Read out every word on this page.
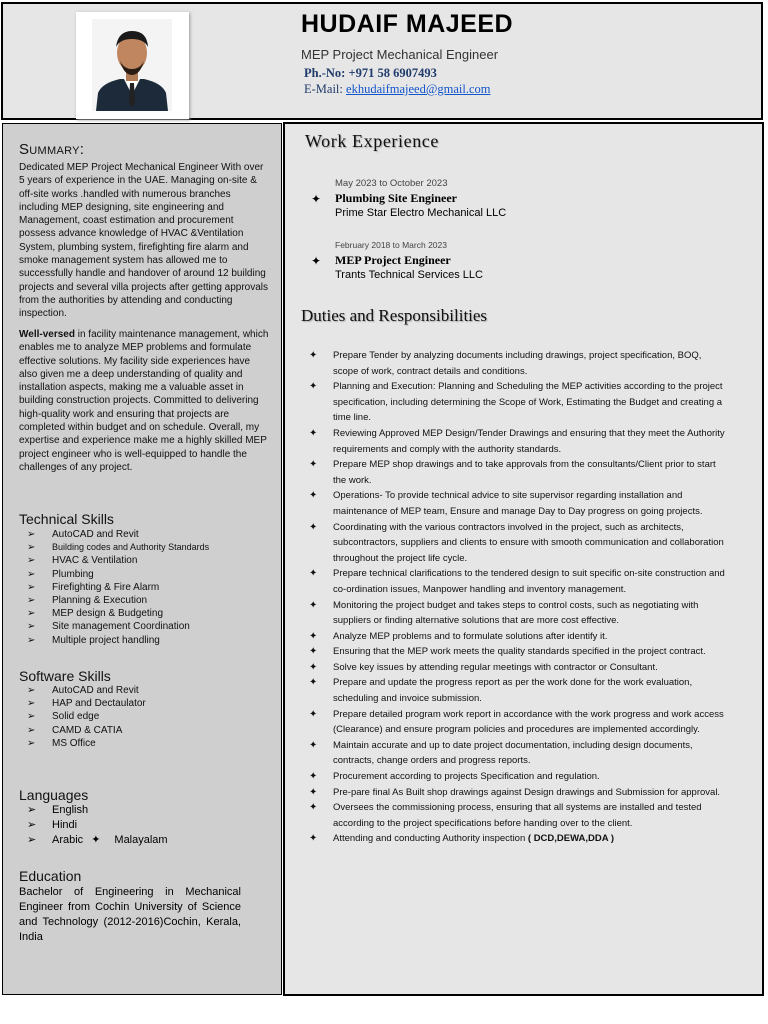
HUDAIF MAJEED
MEP Project Mechanical Engineer
Ph.-No: +971 58 6907493
E-Mail: ekhudaifmajeed@gmail.com
Summary:
Dedicated MEP Project Mechanical Engineer With over 5 years of experience in the UAE. Managing on-site & off-site works .handled with numerous branches including MEP designing, site engineering and Management, coast estimation and procurement possess advance knowledge of HVAC &Ventilation System, plumbing system, firefighting fire alarm and smoke management system has allowed me to successfully handle and handover of around 12 building projects and several villa projects after getting approvals from the authorities by attending and conducting inspection.
Well-versed in facility maintenance management, which enables me to analyze MEP problems and formulate effective solutions. My facility side experiences have also given me a deep understanding of quality and installation aspects, making me a valuable asset in building construction projects. Committed to delivering high-quality work and ensuring that projects are completed within budget and on schedule. Overall, my expertise and experience make me a highly skilled MEP project engineer who is well-equipped to handle the challenges of any project.
Technical Skills
➢ AutoCAD and Revit
➢ Building codes and Authority Standards
➢ HVAC & Ventilation
➢ Plumbing
➢ Firefighting & Fire Alarm
➢ Planning & Execution
➢ MEP design & Budgeting
➢ Site management Coordination
➢ Multiple project handling
Software Skills
➢ AutoCAD and Revit
➢ HAP and Dectaulator
➢ Solid edge
➢ CAMD & CATIA
➢ MS Office
Languages
➢ English
➢ Hindi
➢ Arabic ✦ Malayalam
Education
Bachelor of Engineering in Mechanical Engineer from Cochin University of Science and Technology (2012-2016)Cochin, Kerala, India
Work Experience
May 2023 to October 2023
✦ Plumbing Site Engineer
Prime Star Electro Mechanical LLC
February 2018 to March 2023
✦ MEP Project Engineer
Trants Technical Services LLC
Duties and Responsibilities
✦ Prepare Tender by analyzing documents including drawings, project specification, BOQ, scope of work, contract details and conditions.
✦ Planning and Execution: Planning and Scheduling the MEP activities according to the project specification, including determining the Scope of Work, Estimating the Budget and creating a time line.
✦ Reviewing Approved MEP Design/Tender Drawings and ensuring that they meet the Authority requirements and comply with the authority standards.
✦ Prepare MEP shop drawings and to take approvals from the consultants/Client prior to start the work.
✦ Operations- To provide technical advice to site supervisor regarding installation and maintenance of MEP team, Ensure and manage Day to Day progress on going projects.
✦ Coordinating with the various contractors involved in the project, such as architects, subcontractors, suppliers and clients to ensure with smooth communication and collaboration throughout the project life cycle.
✦ Prepare technical clarifications to the tendered design to suit specific on-site construction and co-ordination issues, Manpower handling and inventory management.
✦ Monitoring the project budget and takes steps to control costs, such as negotiating with suppliers or finding alternative solutions that are more cost effective.
✦ Analyze MEP problems and to formulate solutions after identify it.
✦ Ensuring that the MEP work meets the quality standards specified in the project contract.
✦ Solve key issues by attending regular meetings with contractor or Consultant.
✦ Prepare and update the progress report as per the work done for the work evaluation, scheduling and invoice submission.
✦ Prepare detailed program work report in accordance with the work progress and work access (Clearance) and ensure program policies and procedures are implemented accordingly.
✦ Maintain accurate and up to date project documentation, including design documents, contracts, change orders and progress reports.
✦ Procurement according to projects Specification and regulation.
✦ Pre-pare final As Built shop drawings against Design drawings and Submission for approval.
✦ Oversees the commissioning process, ensuring that all systems are installed and tested according to the project specifications before handing over to the client.
✦ Attending and conducting Authority inspection ( DCD,DEWA,DDA )
